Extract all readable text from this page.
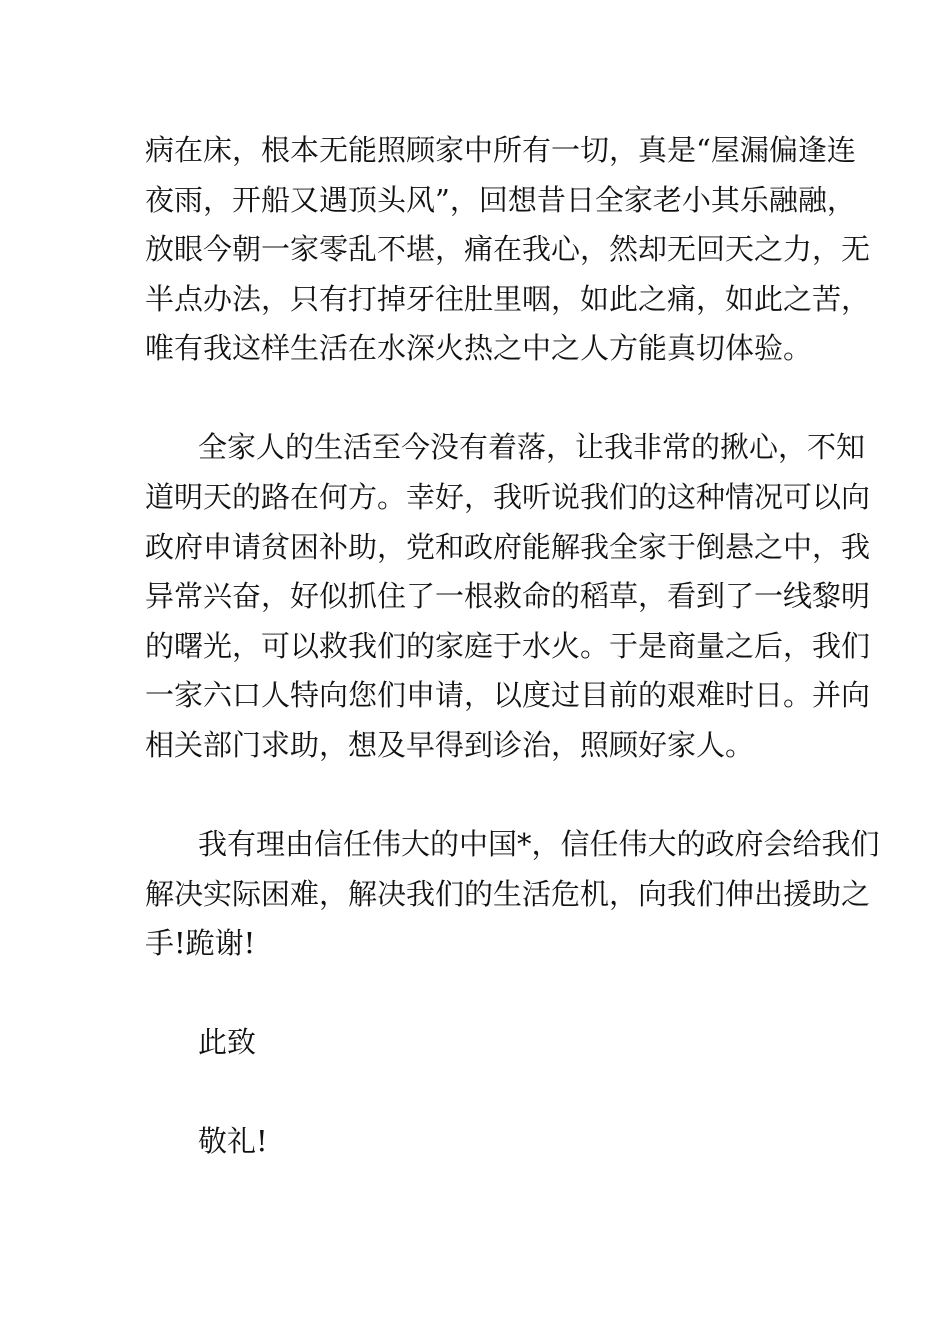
病在床，根本无能照顾家中所有一切，真是“屋漏偏逢连
夜雨，开船又遇顶头风”，回想昔日全家老小其乐融融，
放眼今朝一家零乱不堪，痛在我心，然却无回天之力，无
半点办法，只有打掉牙往肚里咽，如此之痛，如此之苦，
唯有我这样生活在水深火热之中之人方能真切体验。
全家人的生活至今没有着落，让我非常的揪心，不知
道明天的路在何方。幸好，我听说我们的这种情况可以向
政府申请贫困补助，党和政府能解我全家于倒悬之中，我
异常兴奋，好似抓住了一根救命的稻草，看到了一线黎明
的曙光，可以救我们的家庭于水火。于是商量之后，我们
一家六口人特向您们申请，以度过目前的艰难时日。并向
相关部门求助，想及早得到诊治，照顾好家人。
我有理由信任伟大的中国*，信任伟大的政府会给我们
解决实际困难，解决我们的生活危机，向我们伸出援助之
手!跪谢!
此致
敬礼!
